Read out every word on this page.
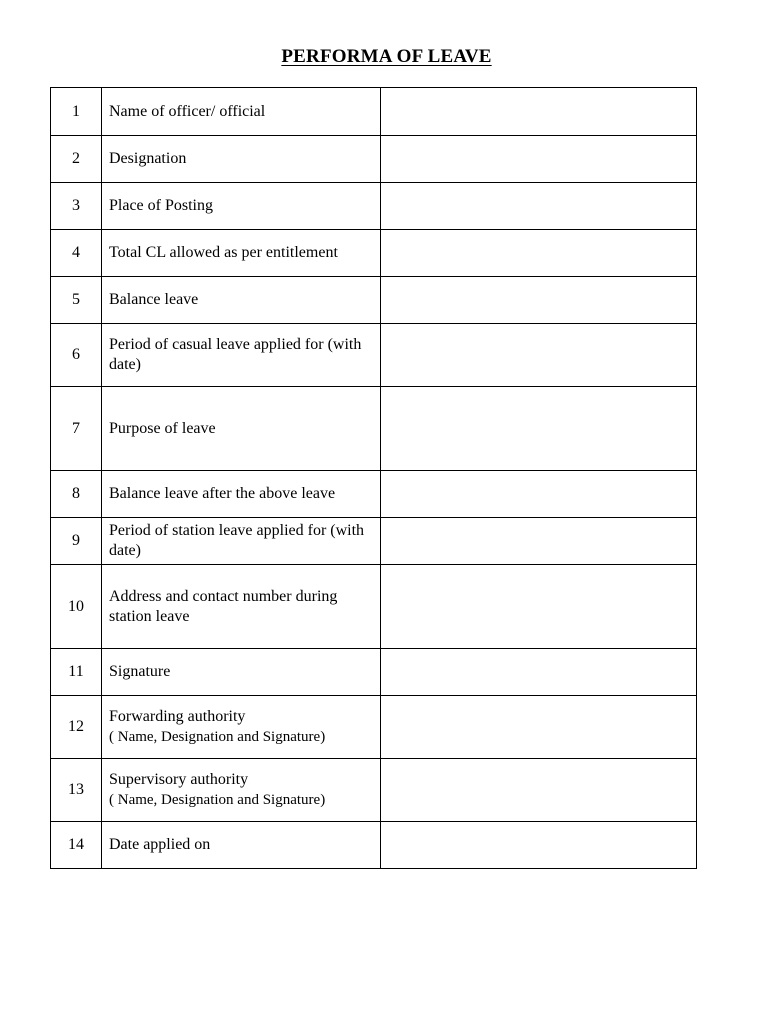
PERFORMA OF LEAVE
1	Name of officer/ official	

2	Designation	

3	Place of Posting	

4	Total CL allowed as per entitlement	

5	Balance leave	

6	Period of casual leave applied for (with date)	

7	Purpose of leave	

8	Balance leave after the above leave	

9	Period of station leave applied for (with date)	

10	Address and contact number during station leave	

11	Signature	

12	Forwarding authority
( Name, Designation and Signature)	

13	Supervisory authority
( Name, Designation and Signature)	

14	Date applied on	
